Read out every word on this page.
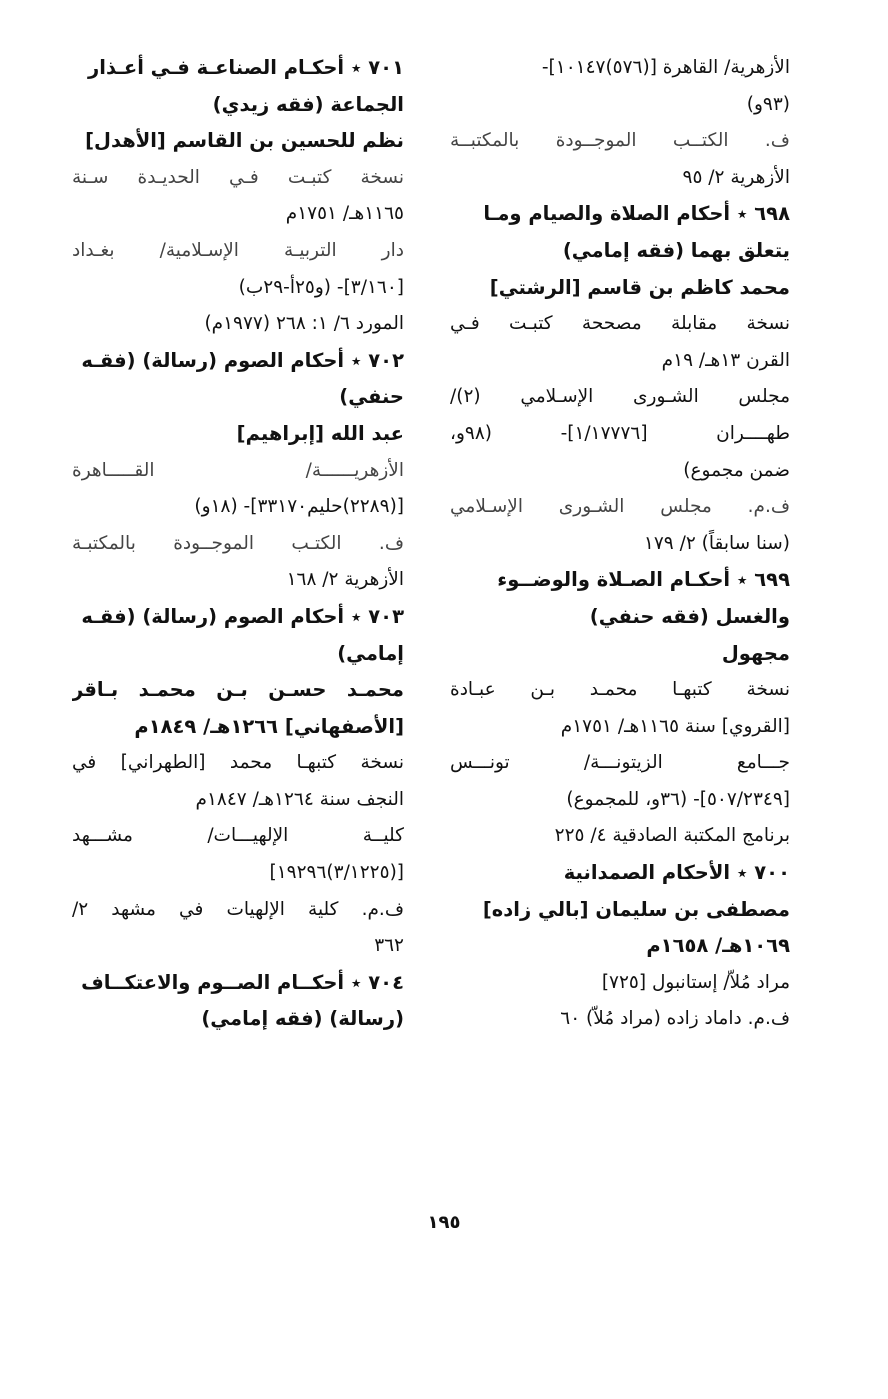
الأزهرية/ القاهرة [(٥٧٦)١٠١٤٧]-
(٩٣و)
ف. الكتــب الموجــودة بالمكتبــة
الأزهرية ٢/ ٩٥
٦٩٨ ٭ أحكام الصلاة والصيام ومـا
يتعلق بهما (فقه إمامي)
محمد كاظم بن قاسم [الرشتي]
نسخة مقابلة مصححة كتبـت فـي
القرن ١٣هـ/ ١٩م
مجلس الشـورى الإسـلامي (٢)/
طهــــران [١/١٧٧٧٦]- (٩٨و،
ضمن مجموع)
ف.م. مجلس الشـورى الإسـلامي
(سنا سابقاً) ٢/ ١٧٩
٦٩٩ ٭ أحكـام الصـلاة والوضــوء
والغسل (فقه حنفي)
مجهول
نسخة كتبهـا محمـد بـن عبـادة
[القروي] سنة ١١٦٥هـ/ ١٧٥١م
جـــامع الزيتونـــة/ تونـــس
[٥٠٧/٢٣٤٩]- (٣٦و، للمجموع)
برنامج المكتبة الصادقية ٤/ ٢٢٥
٧٠٠ ٭ الأحكام الصمدانية
مصطفى بن سليمان [بالي زاده]
١٠٦٩هـ/ ١٦٥٨م
مراد مُلاّ/ إستانبول [٧٢٥]
ف.م. داماد زاده (مراد مُلاّ) ٦٠
٧٠١ ٭ أحكـام الصناعـة فـي أعـذار
الجماعة (فقه زيدي)
نظم للحسين بن القاسم [الأهدل]
نسخة كتبـت فـي الحديـدة سـنة
١١٦٥هـ/ ١٧٥١م
دار التربيـة الإسـلامية/ بغـداد
[٣/١٦٠]- (و٢٥أ-٢٩ب)
المورد ٦/ ١: ٢٦٨ (١٩٧٧م)
٧٠٢ ٭ أحكام الصوم (رسالة) (فقـه
حنفي)
عبد الله [إبراهيم]
الأزهريــــــة/ القـــــاهرة
[(٢٢٨٩)حليم٣٣١٧٠]- (١٨و)
ف. الكتـب الموجــودة بالمكتبـة
الأزهرية ٢/ ١٦٨
٧٠٣ ٭ أحكام الصوم (رسالة) (فقـه
إمامي)
محمـد حسـن بـن محمـد بـاقر
[الأصفهاني] ١٢٦٦هـ/ ١٨٤٩م
نسخة كتبهـا محمد [الطهراني] في
النجف سنة ١٢٦٤هـ/ ١٨٤٧م
كليــة الإلهيـــات/ مشـــهد
[(٣/١٢٢٥)١٩٢٩٦]
ف.م. كلية الإلهيات في مشهد ٢/
٣٦٢
٧٠٤ ٭ أحكــام الصــوم والاعتكــاف
(رسالة) (فقه إمامي)
١٩٥
